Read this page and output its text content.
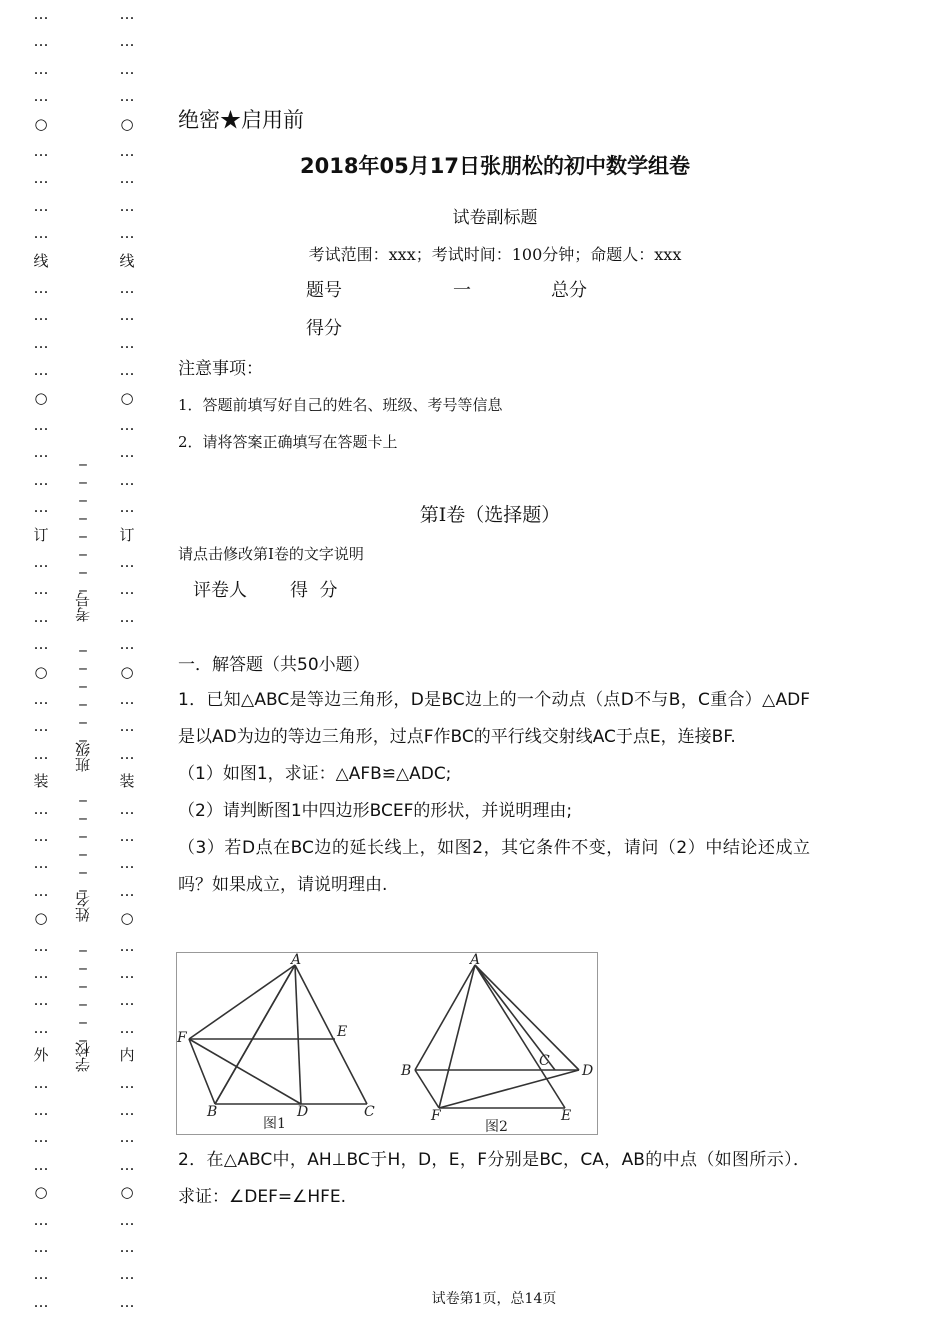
…
…
…
…
○
…
…
…
…
线
…
…
…
…
○
…
…
…
…
订
…
…
…
…
○
…
…
…
装
…
…
…
…
○
…
…
…
…
外
…
…
…
…
○
…
…
…
…
…
…
…
…
○
…
…
…
…
线
…
…
…
…
○
…
…
…
…
订
…
…
…
…
○
…
…
…
装
…
…
…
…
○
…
…
…
…
内
…
…
…
…
○
…
…
…
…
_
_
_
_
_
_
_
_
考号
_
_
_
_
_
_
班级
_
_
_
_
_
_
姓名
_
_
_
_
_
_
学校
绝密★启用前
2018年05月17日张朋松的初中数学组卷
试卷副标题
考试范围：xxx；考试时间：100分钟；命题人：xxx
题号	一	总分
得分
注意事项：
1．答题前填写好自己的姓名、班级、考号等信息
2．请将答案正确填写在答题卡上
第Ⅰ卷（选择题）
请点击修改第Ⅰ卷的文字说明
评卷人 得  分
一．解答题（共50小题）
1．已知△ABC是等边三角形，D是BC边上的一个动点（点D不与B，C重合）△ADF是以AD为边的等边三角形，过点F作BC的平行线交射线AC于点E，连接BF.
（1）如图1，求证：△AFB≌△ADC;
（2）请判断图1中四边形BCEF的形状，并说明理由;
（3）若D点在BC边的延长线上，如图2，其它条件不变，请问（2）中结论还成立吗？如果成立，请说明理由.
A
F	E
B	D	C
A
B
C
D
F	E
图1	图2
2．在△ABC中，AH⊥BC于H，D，E，F分别是BC，CA，AB的中点（如图所示）．求证：∠DEF=∠HFE.
试卷第1页，总14页
